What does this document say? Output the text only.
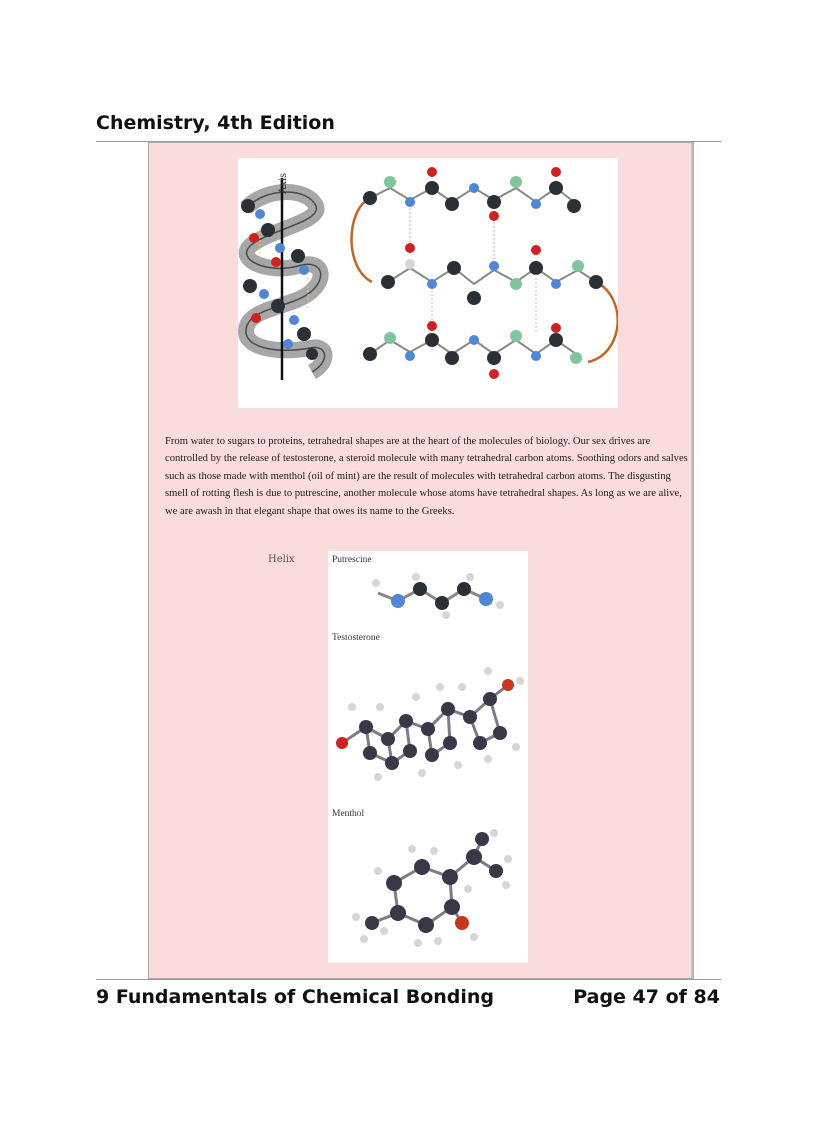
Chemistry, 4th Edition
Axis
Helix

From water to sugars to proteins, tetrahedral shapes are at the heart of the molecules of biology. Our sex drives are controlled by the release of testosterone, a steroid molecule with many tetrahedral carbon atoms. Soothing odors and salves such as those made with menthol (oil of mint) are the result of molecules with tetrahedral carbon atoms. The disgusting smell of rotting flesh is due to putrescine, another molecule whose atoms have tetrahedral shapes. As long as we are alive, we are awash in that elegant shape that owes its name to the Greeks.

Putrescine
Testosterone
Menthol
9 Fundamentals of Chemical Bonding	Page 47 of 84
